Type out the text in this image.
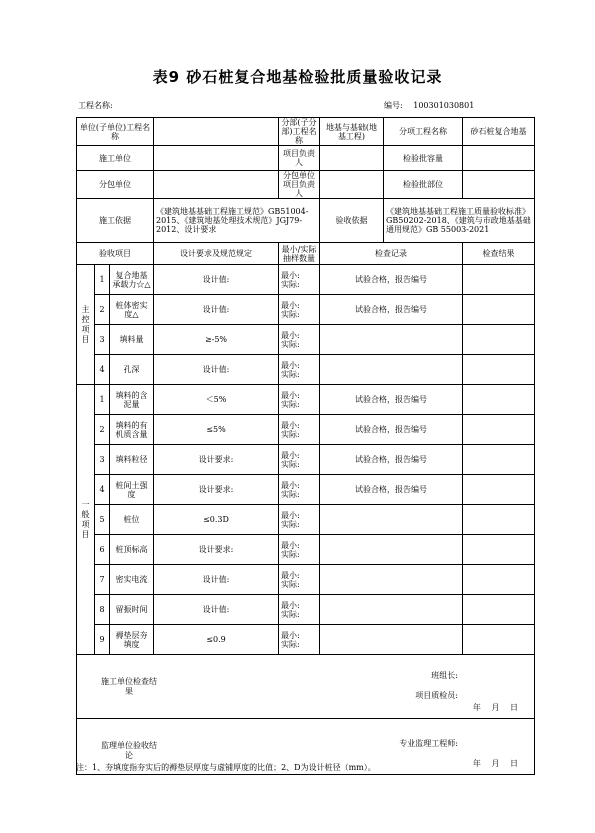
表9 砂石桩复合地基检验批质量验收记录
工程名称:	编号: 100301030801
单位(子单位)工程名称				分部(子分部)工程名称	地基与基础(地基工程)	分项工程名称	砂石桩复合地基
施工单位				项目负责人		检验批容量	
分包单位				分包单位项目负责人		检验批部位	
施工依据			《建筑地基基础工程施工规范》GB51004-2015、《建筑地基处理技术规范》JGJ79-2012、设计要求		验收依据	《建筑地基基础工程施工质量验收标准》GB50202-2018、《建筑与市政地基基础通用规范》GB 55003-2021	
验收项目			设计要求及规范规定	最小/实际抽样数量	检查记录		检查结果
主控项目	1	复合地基承载力☆△	设计值:	最小:
实际:	试验合格，报告编号		
	2	桩体密实度△	设计值:	最小:
实际:	试验合格，报告编号		
	3	填料量	≥-5%	最小:
实际:			
	4	孔深	设计值:	最小:
实际:			
一般项目	1	填料的含泥量	＜5%	最小:
实际:	试验合格，报告编号		
	2	填料的有机质含量	≤5%	最小:
实际:	试验合格，报告编号		
	3	填料粒径	设计要求:	最小:
实际:	试验合格，报告编号		
	4	桩间土强度	设计要求:	最小:
实际:	试验合格，报告编号		
	5	桩位	≤0.3D	最小:
实际:			
	6	桩顶标高	设计要求:	最小:
实际:			
	7	密实电流	设计值:	最小:
实际:			
	8	留振时间	设计值:	最小:
实际:			
	9	褥垫层夯填度	≤0.9	最小:
实际:			

施工单位检查结果
班组长:
项目质检员:
年 月 日							

监理单位验收结论
专业监理工程师:
年 月 日							
注：1、夯填度指夯实后的褥垫层厚度与虚铺厚度的比值；2、D为设计桩径（mm）。
